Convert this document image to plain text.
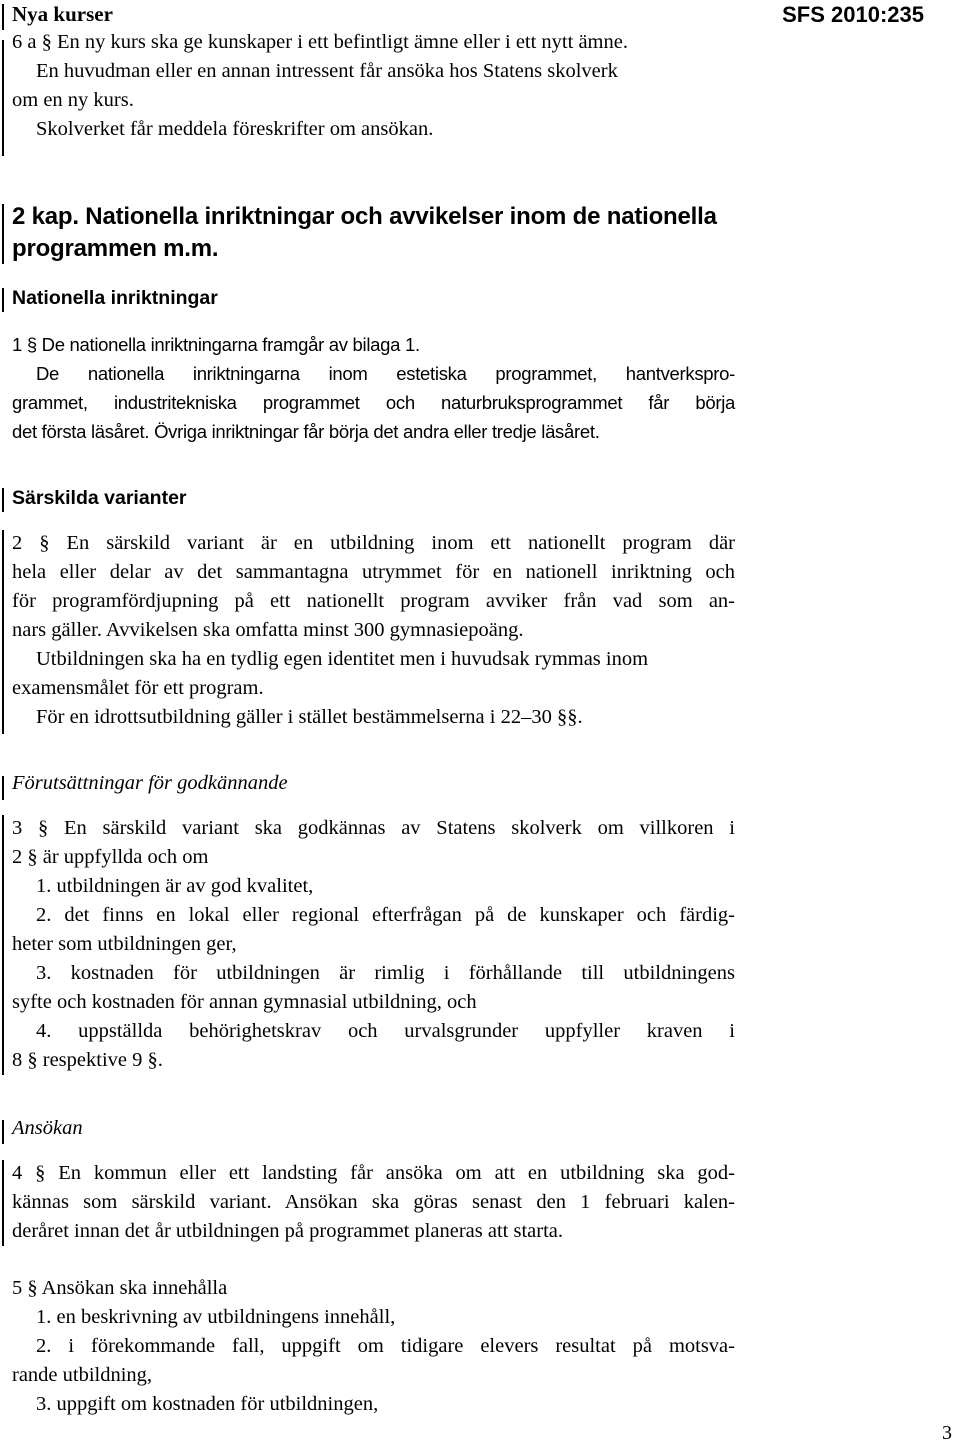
Nya kurser	SFS 2010:235
6 a § En ny kurs ska ge kunskaper i ett befintligt ämne eller i ett nytt ämne.
En huvudman eller en annan intressent får ansöka hos Statens skolverk
om en ny kurs.
Skolverket får meddela föreskrifter om ansökan.
2 kap. Nationella inriktningar och avvikelser inom de nationella
programmen m.m.
Nationella inriktningar
1 § De nationella inriktningarna framgår av bilaga 1.
De nationella inriktningarna inom estetiska programmet, hantverkspro-
grammet, industritekniska programmet och naturbruksprogrammet får börja
det första läsåret. Övriga inriktningar får börja det andra eller tredje läsåret.
Särskilda varianter
2 § En särskild variant är en utbildning inom ett nationellt program där
hela eller delar av det sammantagna utrymmet för en nationell inriktning och
för programfördjupning på ett nationellt program avviker från vad som an-
nars gäller. Avvikelsen ska omfatta minst 300 gymnasiepoäng.
Utbildningen ska ha en tydlig egen identitet men i huvudsak rymmas inom
examensmålet för ett program.
För en idrottsutbildning gäller i stället bestämmelserna i 22–30 §§.
Förutsättningar för godkännande
3 § En särskild variant ska godkännas av Statens skolverk om villkoren i
2 § är uppfyllda och om
1. utbildningen är av god kvalitet,
2. det finns en lokal eller regional efterfrågan på de kunskaper och färdig-
heter som utbildningen ger,
3. kostnaden för utbildningen är rimlig i förhållande till utbildningens
syfte och kostnaden för annan gymnasial utbildning, och
4. uppställda behörighetskrav och urvalsgrunder uppfyller kraven i
8 § respektive 9 §.
Ansökan
4 § En kommun eller ett landsting får ansöka om att en utbildning ska god-
kännas som särskild variant. Ansökan ska göras senast den 1 februari kalen-
deråret innan det år utbildningen på programmet planeras att starta.
5 § Ansökan ska innehålla
1. en beskrivning av utbildningens innehåll,
2. i förekommande fall, uppgift om tidigare elevers resultat på motsva-
rande utbildning,
3. uppgift om kostnaden för utbildningen,
3
